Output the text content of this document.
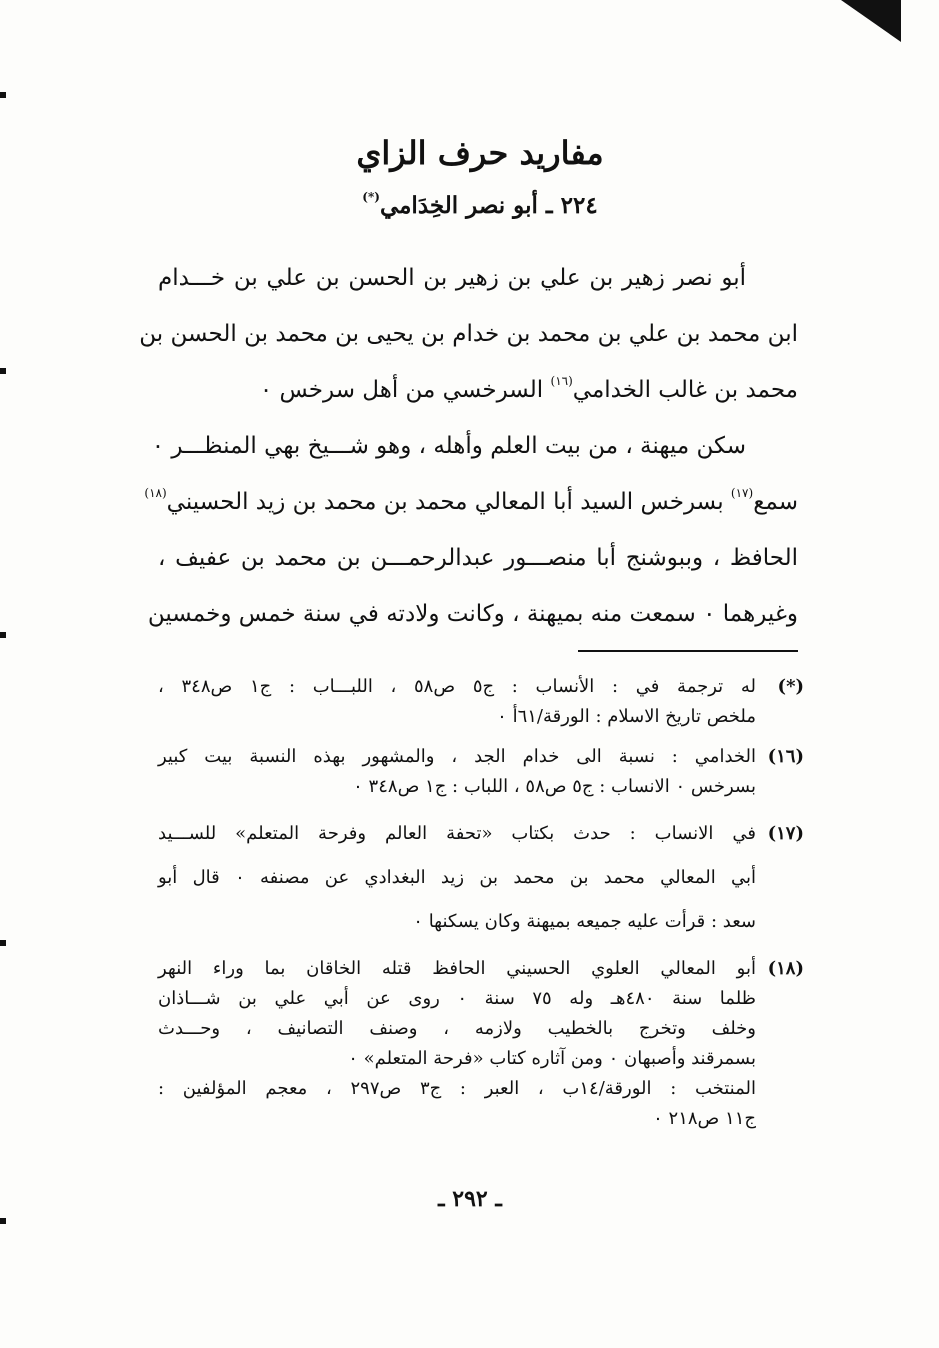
مفاريد حرف الزاي
٢٢٤ ـ أبو نصر الخِدَامي(*)
أبو نصر زهير بن علي بن زهير بن الحسن بن علي بن خـــدام
ابن محمد بن علي بن محمد بن خدام بن يحيى بن محمد بن الحسن بن
محمد بن غالب الخدامي$^{(١٦)}$ السرخسي من أهل سرخس ٠
سكن ميهنة ، من بيت العلم وأهله ، وهو شـــيخ بهي المنظـــر ٠
سمع$^{(١٧)}$ بسرخس السيد أبا المعالي محمد بن محمد بن زيد الحسيني$^{(١٨)}$
الحافظ ، وببوشنج أبا منصـــور عبدالرحمـــن بن محمد بن عفيف ،
وغيرهما ٠ سمعت منه بميهنة ، وكانت ولادته في سنة خمس وخمسين
(*)
له ترجمة في : الأنساب : ج٥ ص٥٨ ، اللبـــاب : ج١ ص٣٤٨ ،
ملخص تاريخ الاسلام : الورقة/٦١أ ٠
(١٦)
الخدامي : نسبة الى خدام الجد ، والمشهور بهذه النسبة بيت كبير
بسرخس ٠ الانساب : ج٥ ص٥٨ ، اللباب : ج١ ص٣٤٨ ٠
(١٧)
في الانساب : حدث بكتاب «تحفة العالم وفرحة المتعلم» للســـيد
أبي المعالي محمد بن محمد بن زيد البغدادي عن مصنفه ٠ قال أبو
سعد : قرأت عليه جميعه بميهنة وكان يسكنها ٠
(١٨)
أبو المعالي العلوي الحسيني الحافظ قتله الخاقان بما وراء النهر
ظلما سنة ٤٨٠هـ وله ٧٥ سنة ٠ روى عن أبي علي بن شـــاذان
وخلف وتخرج بالخطيب ولازمه ، وصنف التصانيف ، وحـــدث
بسمرقند وأصبهان ٠ ومن آثاره كتاب «فرحة المتعلم» ٠
المنتخب : الورقة/١٤ب ، العبر : ج٣ ص٢٩٧ ، معجم المؤلفين :
ج١١ ص٢١٨ ٠
ـ ٢٩٢ ـ
